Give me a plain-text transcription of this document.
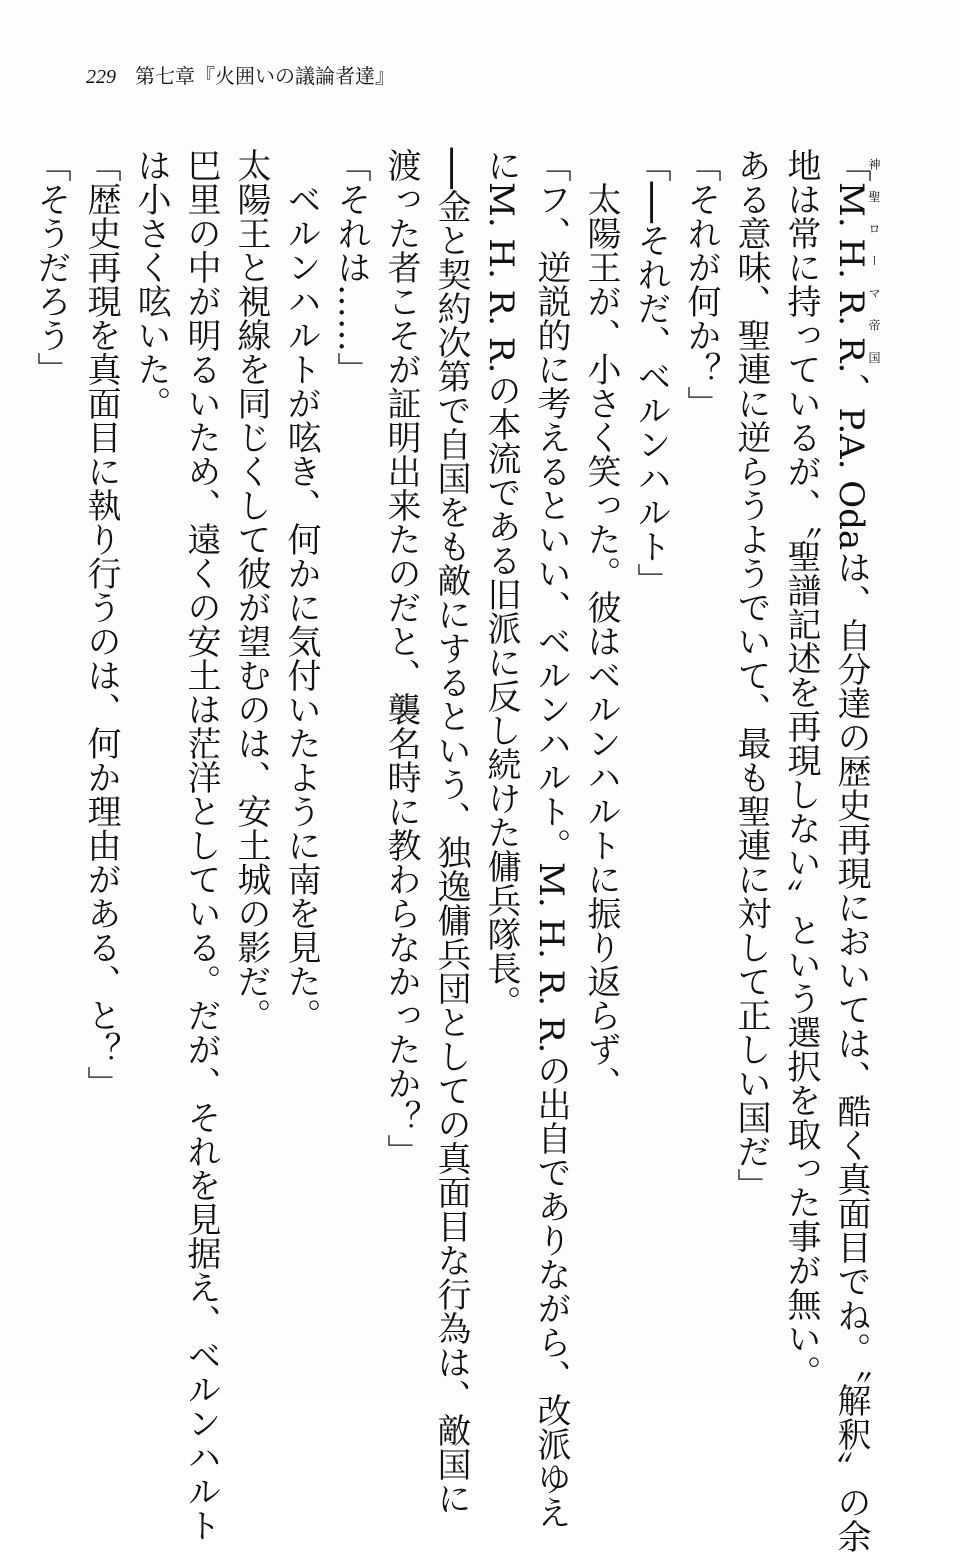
229 第七章『火囲いの議論者達』
「M. H. R. R.神聖ローマ帝国、P.A. Odaは、自分達の歴史再現においては、酷く真面目でね。〝解釈〟の余
地は常に持っているが、〝聖譜記述を再現しない〟という選択を取った事が無い。
ある意味、聖連に逆らうようでいて、最も聖連に対して正しい国だ」
「それが何か？」
「──それだ、ベルンハルト」
太陽王が、小さく笑った。彼はベルンハルトに振り返らず、
「フ、逆説的に考えるといい、ベルンハルト。M. H. R. R.の出自でありながら、改派ゆえ
にM. H. R. R.の本流である旧派に反し続けた傭兵隊長。
──金と契約次第で自国をも敵にするという、独逸傭兵団としての真面目な行為は、敵国に
渡った者こそが証明出来たのだと、襲名時に教わらなかったか？」
「それは……」
ベルンハルトが呟き、何かに気付いたように南を見た。
太陽王と視線を同じくして彼が望むのは、安土城の影だ。
巴里の中が明るいため、遠くの安土は茫洋としている。だが、それを見据え、ベルンハルト
は小さく呟いた。
「歴史再現を真面目に執り行うのは、何か理由がある、と？」
「そうだろう」
